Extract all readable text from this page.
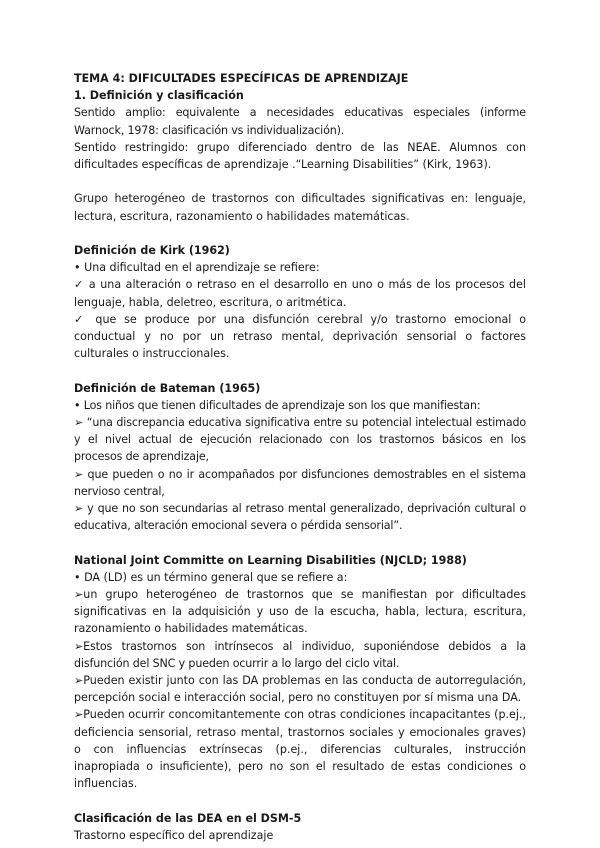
TEMA 4: DIFICULTADES ESPECÍFICAS DE APRENDIZAJE

1. Definición y clasificación

Sentido amplio: equivalente a necesidades educativas especiales (informe Warnock, 1978: clasificación vs individualización).

Sentido restringido: grupo diferenciado dentro de las NEAE. Alumnos con dificultades específicas de aprendizaje .“Learning Disabilities” (Kirk, 1963).

Grupo heterogéneo de trastornos con dificultades significativas en: lenguaje, lectura, escritura, razonamiento o habilidades matemáticas.

Definición de Kirk (1962)

• Una dificultad en el aprendizaje se refiere:

✓ a una alteración o retraso en el desarrollo en uno o más de los procesos del lenguaje, habla, deletreo, escritura, o aritmética.

✓ que se produce por una disfunción cerebral y/o trastorno emocional o conductual y no por un retraso mental, deprivación sensorial o factores culturales o instruccionales.

Definición de Bateman (1965)

• Los niños que tienen dificultades de aprendizaje son los que manifiestan:

➢ “una discrepancia educativa significativa entre su potencial intelectual estimado y el nivel actual de ejecución relacionado con los trastornos básicos en los procesos de aprendizaje,

➢ que pueden o no ir acompañados por disfunciones demostrables en el sistema nervioso central,

➢ y que no son secundarias al retraso mental generalizado, deprivación cultural o educativa, alteración emocional severa o pérdida sensorial”.

National Joint Committe on Learning Disabilities (NJCLD; 1988)

• DA (LD) es un término general que se refiere a:

➢un grupo heterogéneo de trastornos que se manifiestan por dificultades significativas en la adquisición y uso de la escucha, habla, lectura, escritura, razonamiento o habilidades matemáticas.

➢Estos trastornos son intrínsecos al individuo, suponiéndose debidos a la disfunción del SNC y pueden ocurrir a lo largo del ciclo vital.

➢Pueden existir junto con las DA problemas en las conducta de autorregulación, percepción social e interacción social, pero no constituyen por sí misma una DA.

➢Pueden ocurrir concomitantemente con otras condiciones incapacitantes (p.ej., deficiencia sensorial, retraso mental, trastornos sociales y emocionales graves) o con influencias extrínsecas (p.ej., diferencias culturales, instrucción inapropiada o insuficiente), pero no son el resultado de estas condiciones o influencias.

Clasificación de las DEA en el DSM-5

Trastorno específico del aprendizaje
